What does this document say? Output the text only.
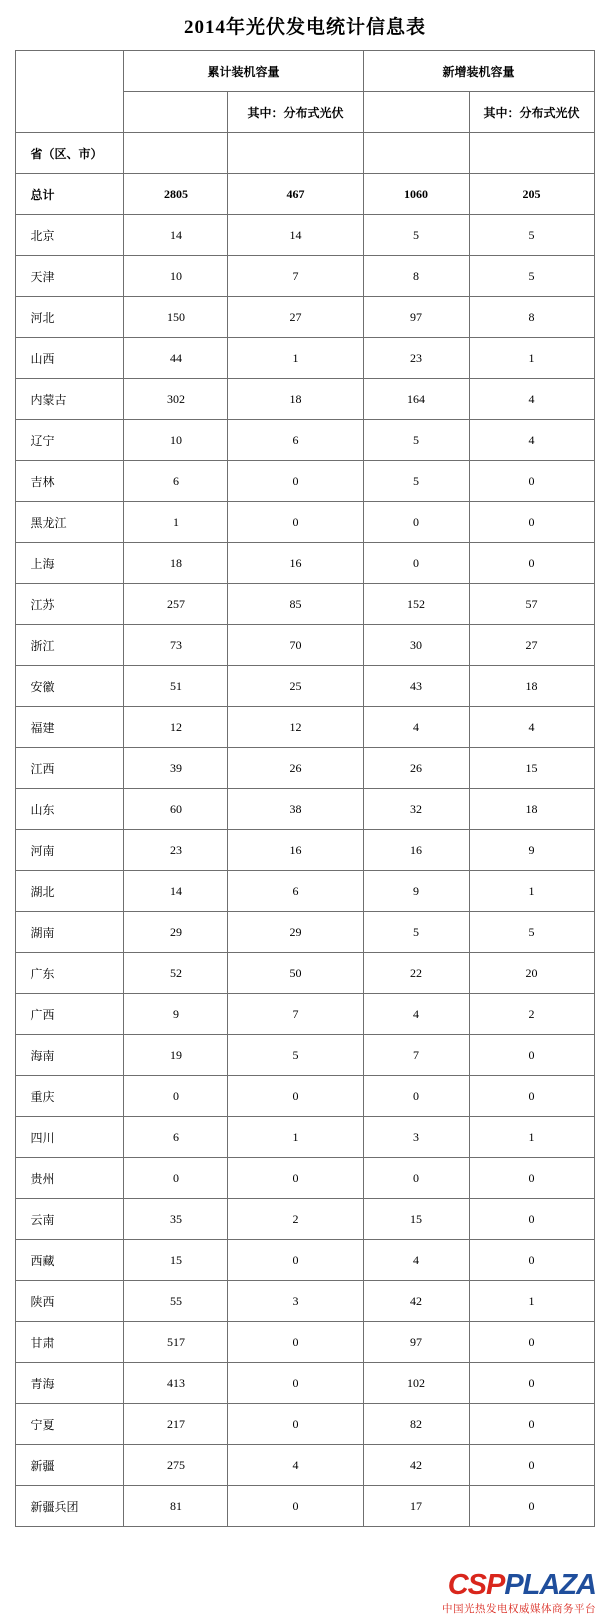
2014年光伏发电统计信息表
	累计装机容量		新增装机容量	
		其中：分布式光伏		其中：分布式光伏
省（区、市）				
总计	2805	467	1060	205
北京	14	14	5	5
天津	10	7	8	5
河北	150	27	97	8
山西	44	1	23	1
内蒙古	302	18	164	4
辽宁	10	6	5	4
吉林	6	0	5	0
黑龙江	1	0	0	0
上海	18	16	0	0
江苏	257	85	152	57
浙江	73	70	30	27
安徽	51	25	43	18
福建	12	12	4	4
江西	39	26	26	15
山东	60	38	32	18
河南	23	16	16	9
湖北	14	6	9	1
湖南	29	29	5	5
广东	52	50	22	20
广西	9	7	4	2
海南	19	5	7	0
重庆	0	0	0	0
四川	6	1	3	1
贵州	0	0	0	0
云南	35	2	15	0
西藏	15	0	4	0
陕西	55	3	42	1
甘肃	517	0	97	0
青海	413	0	102	0
宁夏	217	0	82	0
新疆	275	4	42	0
新疆兵团	81	0	17	0
CSPPLAZA
中国光热发电权威媒体商务平台
